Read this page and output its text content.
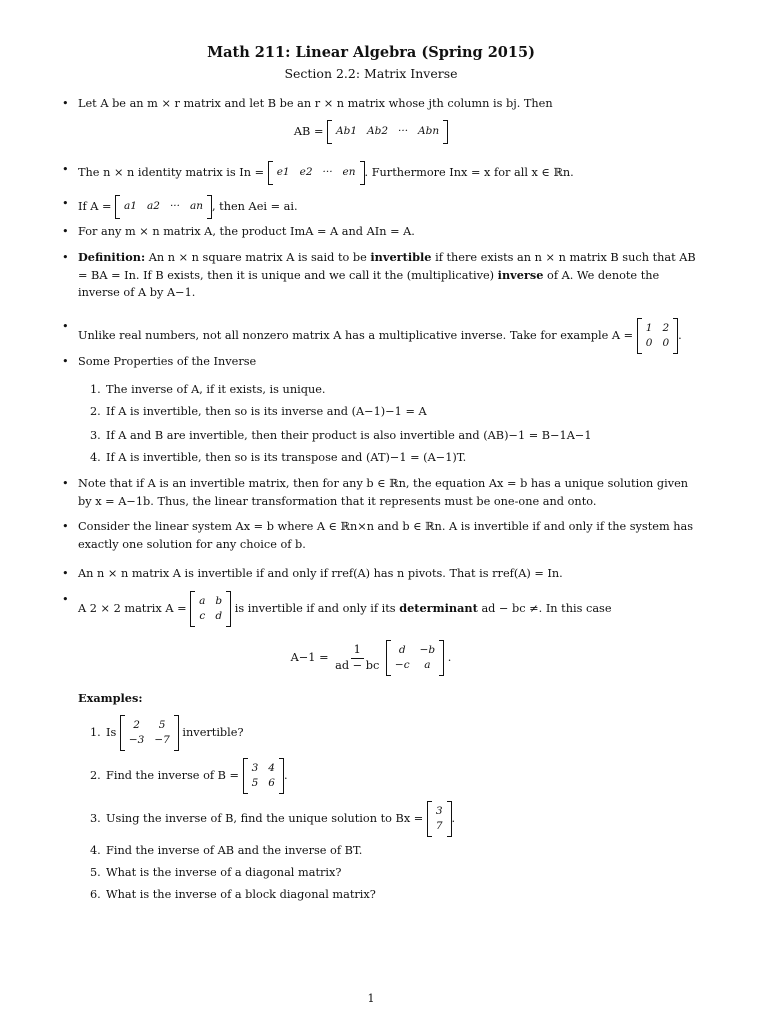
Math 211: Linear Algebra (Spring 2015)
Section 2.2: Matrix Inverse
• Let A be an m × r matrix and let B be an r × n matrix whose jth column is bj. Then
AB = Ab1 Ab2 ··· Abn
• The n × n identity matrix is In = e1 e2 ··· en . Furthermore Inx = x for all x ∈ ℝn.
• If A = a1 a2 ··· an , then Aei = ai.
• For any m × n matrix A, the product ImA = A and AIn = A.
• Definition: An n × n square matrix A is said to be invertible if there exists an n × n matrix B such that AB = BA = In. If B exists, then it is unique and we call it the (multiplicative) inverse of A. We denote the inverse of A by A−1.
• Unlike real numbers, not all nonzero matrix A has a multiplicative inverse. Take for example A =
1 2
0 0
.
• Some Properties of the Inverse
1. The inverse of A, if it exists, is unique.
2. If A is invertible, then so is its inverse and (A−1)−1 = A
3. If A and B are invertible, then their product is also invertible and (AB)−1 = B−1A−1
4. If A is invertible, then so is its transpose and (AT)−1 = (A−1)T.
• Note that if A is an invertible matrix, then for any b ∈ ℝn, the equation Ax = b has a unique solution given by x = A−1b. Thus, the linear transformation that it represents must be one-one and onto.
• Consider the linear system Ax = b where A ∈ ℝn×n and b ∈ ℝn. A is invertible if and only if the system has exactly one solution for any choice of b.
• An n × n matrix A is invertible if and only if rref(A) has n pivots. That is rref(A) = In.
• A 2 × 2 matrix A =
a b
c d
is invertible if and only if its determinant ad − bc ≠. In this case
$A-1 = \frac{1}{ad - bc}$
	d	−b
−c	a
.
Examples:
1. Is
2	5
−3 −7
invertible?
2. Find the inverse of B =
3 4
5 6
.
3. Using the inverse of B, find the unique solution to Bx =
3
7
.
4. Find the inverse of AB and the inverse of BT.
5. What is the inverse of a diagonal matrix?
6. What is the inverse of a block diagonal matrix?
1
